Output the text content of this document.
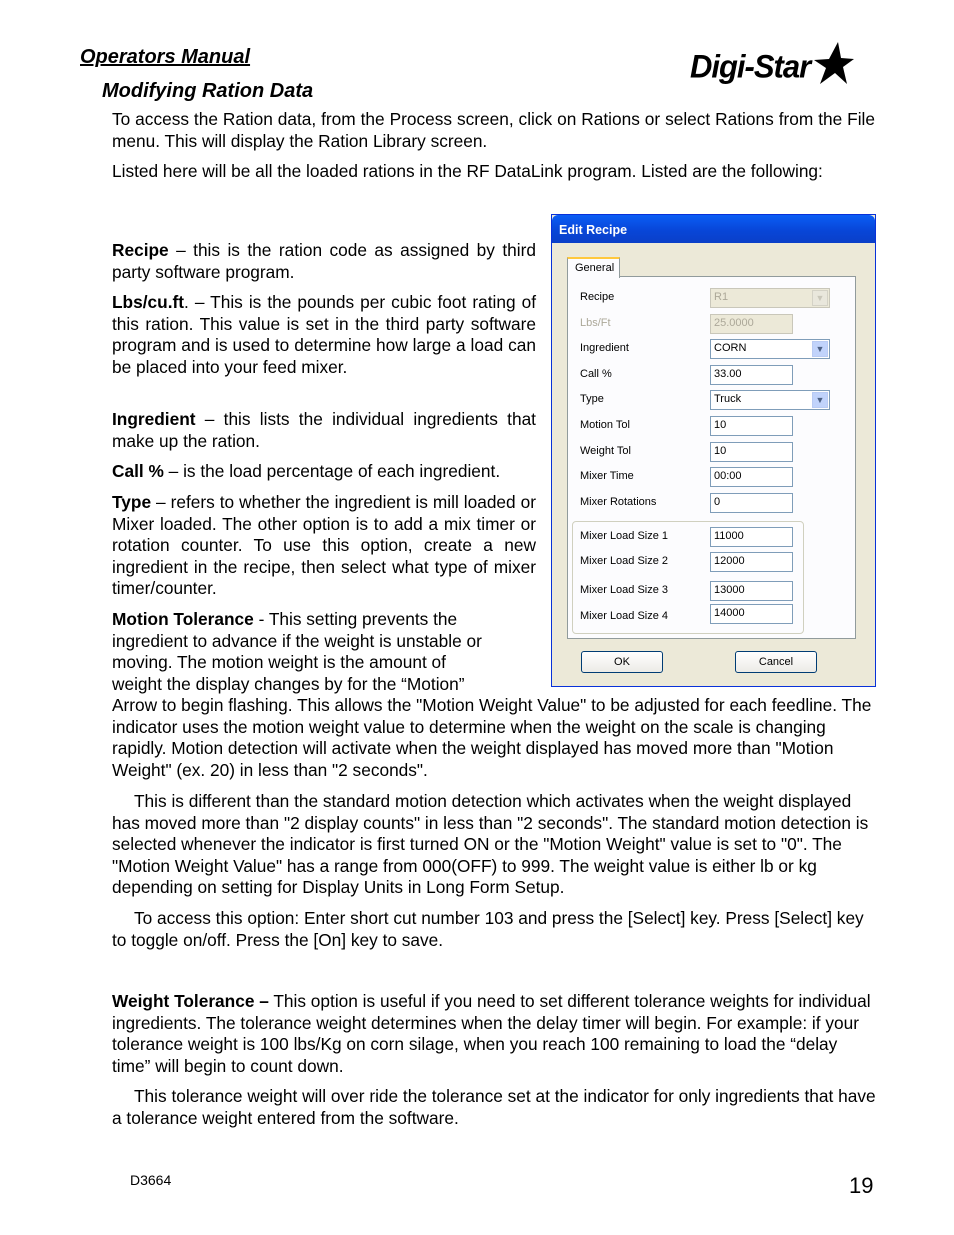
Operators Manual	Digi-Star
Modifying Ration Data

To access the Ration data, from the Process screen, click on Rations or select Rations from the File menu. This will display the Ration Library screen.

Listed here will be all the loaded rations in the RF DataLink program. Listed are the following:

Recipe – this is the ration code as assigned by third party software program.

Lbs/cu.ft. – This is the pounds per cubic foot rating of this ration. This value is set in the third party software program and is used to determine how large a load can be placed into your feed mixer.

Ingredient – this lists the individual ingredients that make up the ration.

Call % – is the load percentage of each ingredient.

Type – refers to whether the ingredient is mill loaded or Mixer loaded. The other option is to add a mix timer or rotation counter. To use this option, create a new ingredient in the recipe, then select what type of mixer timer/counter.

Motion Tolerance - This setting prevents the
ingredient to advance if the weight is unstable or
moving. The motion weight is the amount of
weight the display changes by for the “Motion”

Arrow to begin flashing. This allows the "Motion Weight Value" to be adjusted for each feedline. The indicator uses the motion weight value to determine when the weight on the scale is changing rapidly. Motion detection will activate when the weight displayed has moved more than "Motion Weight" (ex. 20) in less than "2 seconds".

This is different than the standard motion detection which activates when the weight displayed has moved more than "2 display counts" in less than "2 seconds". The standard motion detection is selected whenever the indicator is first turned ON or the "Motion Weight" value is set to "0". The "Motion Weight Value" has a range from 000(OFF) to 999. The weight value is either lb or kg depending on setting for Display Units in Long Form Setup.

To access this option: Enter short cut number 103 and press the [Select] key. Press [Select] key to toggle on/off. Press the [On] key to save.

Weight Tolerance – This option is useful if you need to set different tolerance weights for individual ingredients. The tolerance weight determines when the delay timer will begin. For example: if your tolerance weight is 100 lbs/Kg on corn silage, when you reach 100 remaining to load the “delay time” will begin to count down.

This tolerance weight will over ride the tolerance set at the indicator for only ingredients that have a tolerance weight entered from the software.

D3664	19
Edit Recipe
General
Recipe	R1	▼
Lbs/Ft	25.0000
Ingredient	CORN	▼
Call %	33.00
Type	Truck	▼
Motion Tol	10
Weight Tol	10
Mixer Time	00:00
Mixer Rotations	0
Mixer Load Size 1	11000
Mixer Load Size 2	12000
Mixer Load Size 3	13000
Mixer Load Size 4	14000
OK	Cancel
